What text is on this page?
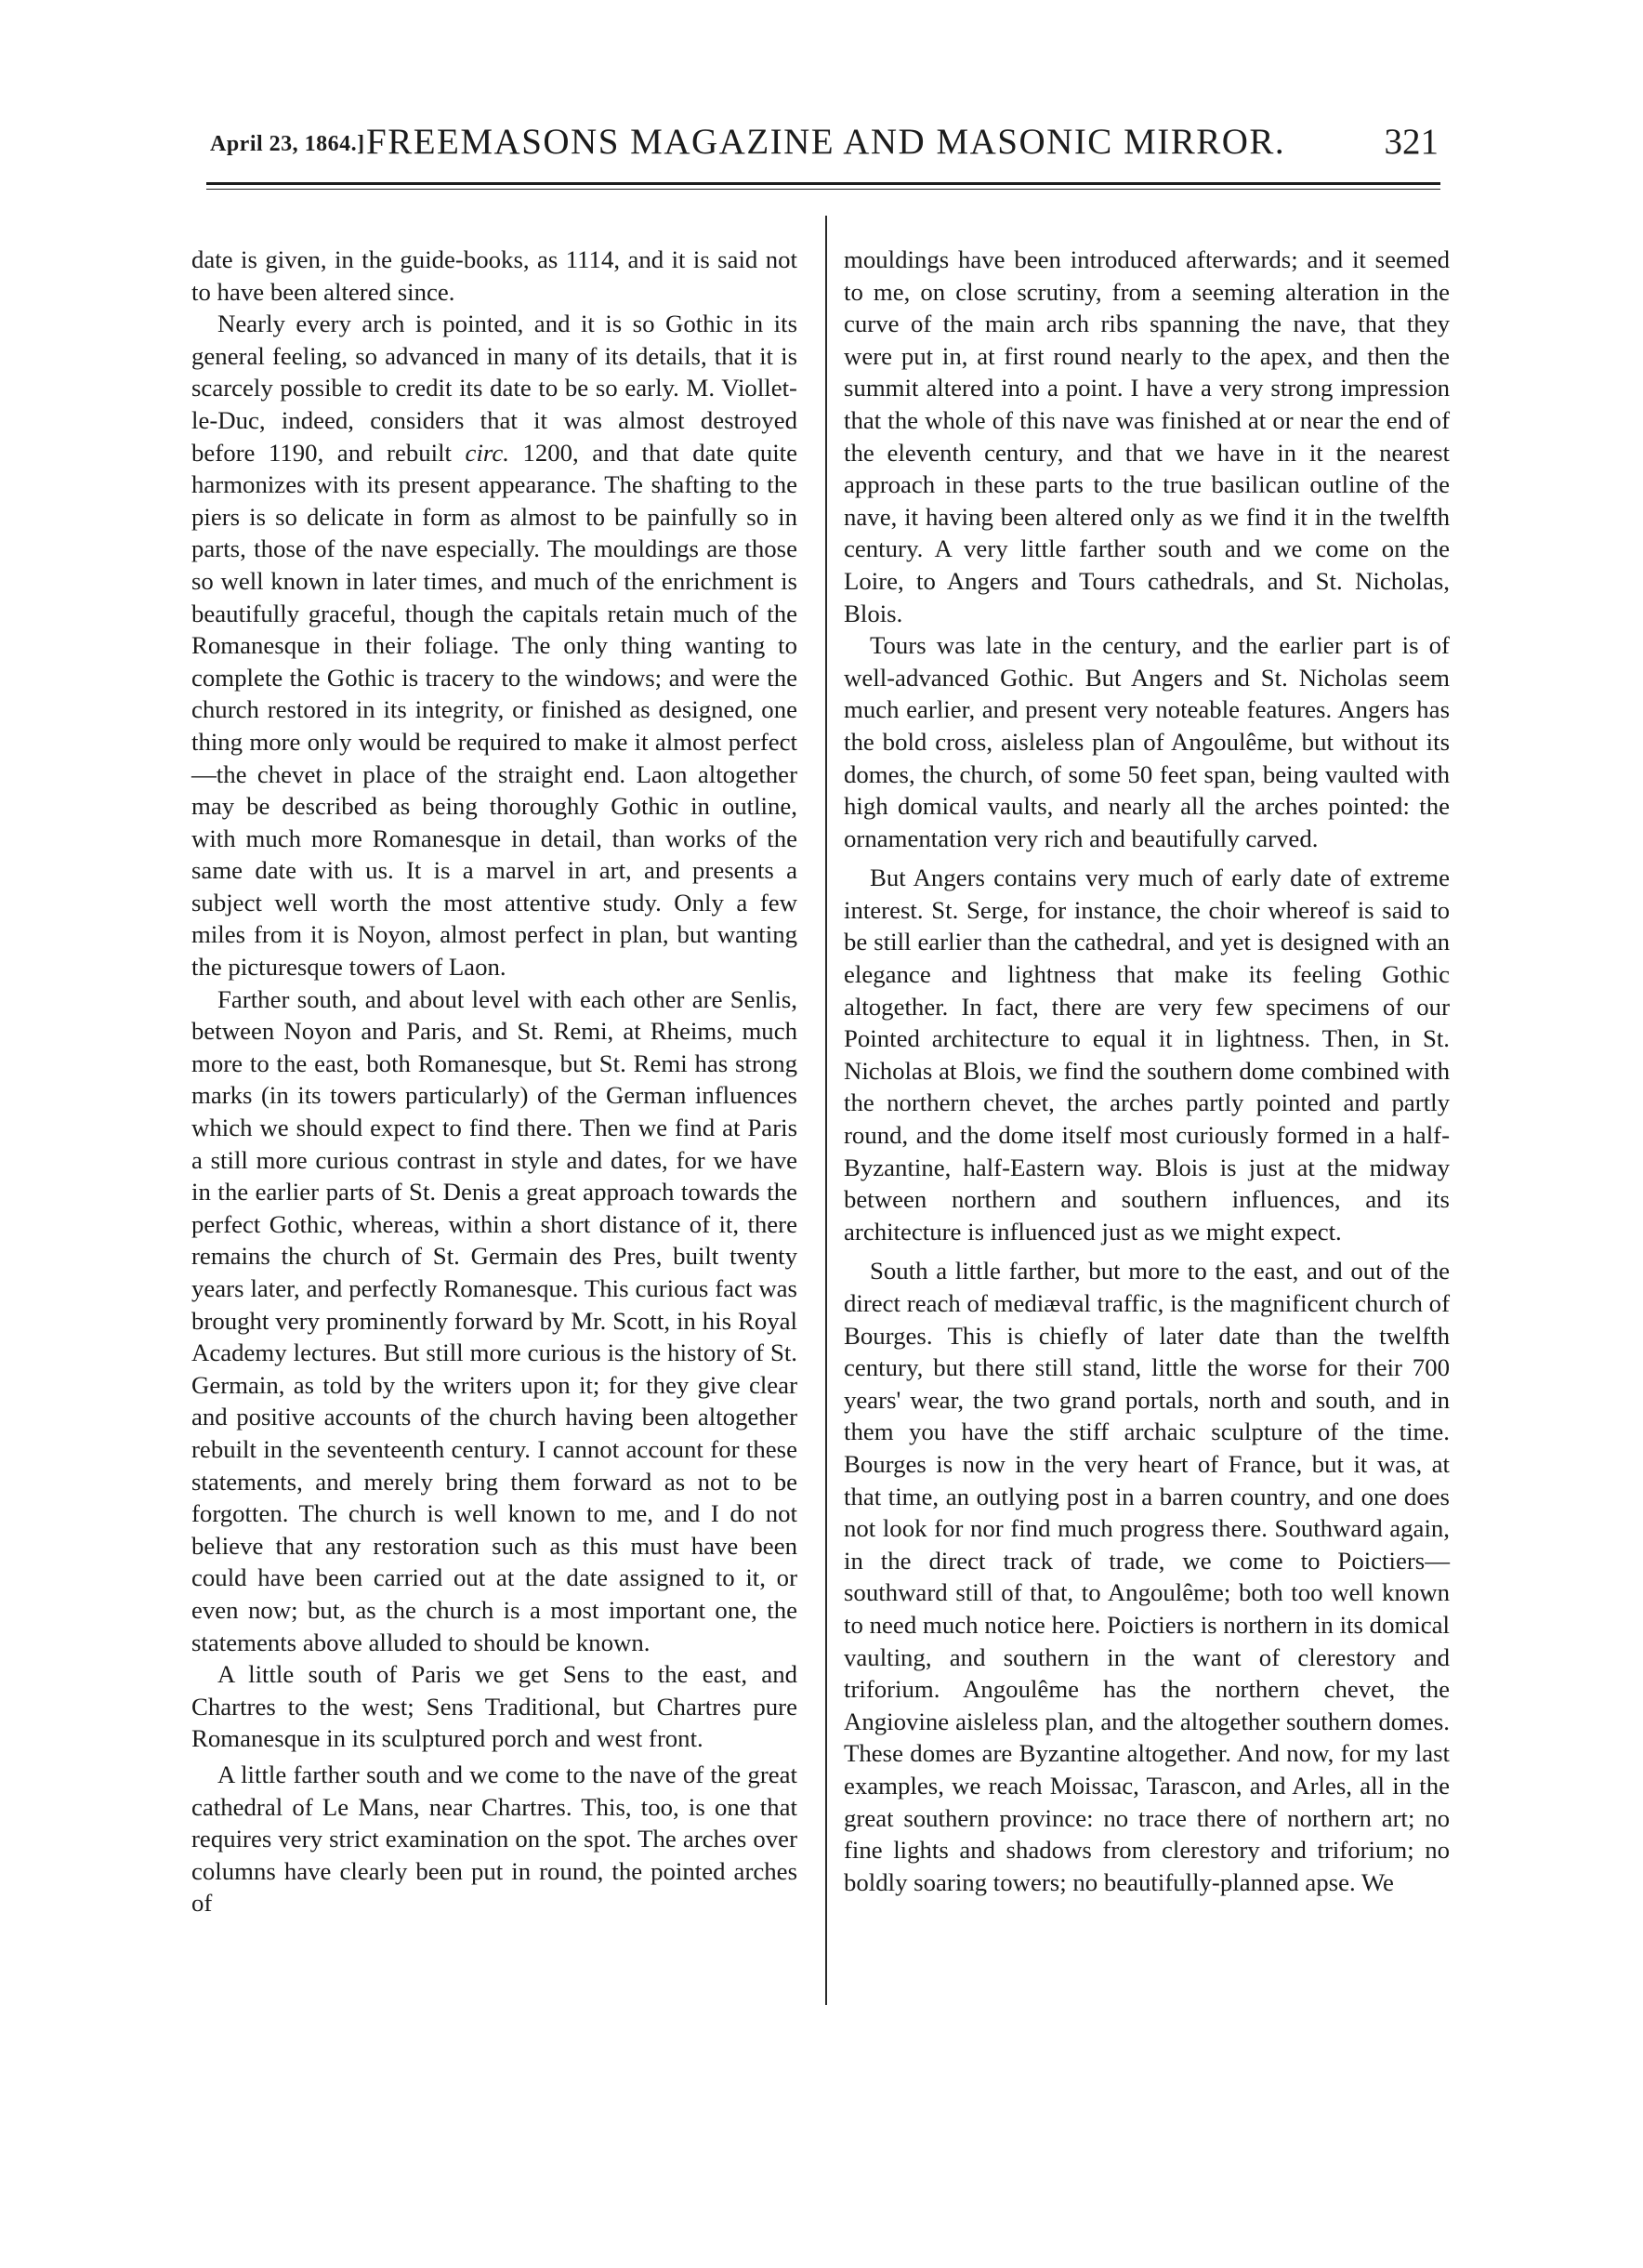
April 23, 1864.] FREEMASONS MAGAZINE AND MASONIC MIRROR.	321

date is given, in the guide-books, as 1114, and it is said not to have been altered since.

Nearly every arch is pointed, and it is so Gothic in its general feeling, so advanced in many of its details, that it is scarcely possible to credit its date to be so early. M. Viollet-le-Duc, indeed, considers that it was almost destroyed before 1190, and rebuilt circ. 1200, and that date quite harmonizes with its present appearance. The shafting to the piers is so delicate in form as almost to be painfully so in parts, those of the nave especially. The mouldings are those so well known in later times, and much of the enrichment is beautifully graceful, though the capitals retain much of the Romanesque in their foliage. The only thing wanting to complete the Gothic is tracery to the windows; and were the church restored in its integrity, or finished as designed, one thing more only would be required to make it almost perfect—the chevet in place of the straight end. Laon altogether may be described as being thoroughly Gothic in outline, with much more Romanesque in detail, than works of the same date with us. It is a marvel in art, and presents a subject well worth the most attentive study. Only a few miles from it is Noyon, almost perfect in plan, but wanting the picturesque towers of Laon.

Farther south, and about level with each other are Senlis, between Noyon and Paris, and St. Remi, at Rheims, much more to the east, both Romanesque, but St. Remi has strong marks (in its towers particularly) of the German influences which we should expect to find there. Then we find at Paris a still more curious contrast in style and dates, for we have in the earlier parts of St. Denis a great approach towards the perfect Gothic, whereas, within a short distance of it, there remains the church of St. Germain des Pres, built twenty years later, and perfectly Romanesque. This curious fact was brought very prominently forward by Mr. Scott, in his Royal Academy lectures. But still more curious is the history of St. Germain, as told by the writers upon it; for they give clear and positive accounts of the church having been altogether rebuilt in the seventeenth century. I cannot account for these statements, and merely bring them forward as not to be forgotten. The church is well known to me, and I do not believe that any restoration such as this must have been could have been carried out at the date assigned to it, or even now; but, as the church is a most important one, the statements above alluded to should be known.

A little south of Paris we get Sens to the east, and Chartres to the west; Sens Traditional, but Chartres pure Romanesque in its sculptured porch and west front.

A little farther south and we come to the nave of the great cathedral of Le Mans, near Chartres. This, too, is one that requires very strict examination on the spot. The arches over columns have clearly been put in round, the pointed arches of

mouldings have been introduced afterwards; and it seemed to me, on close scrutiny, from a seeming alteration in the curve of the main arch ribs spanning the nave, that they were put in, at first round nearly to the apex, and then the summit altered into a point. I have a very strong impression that the whole of this nave was finished at or near the end of the eleventh century, and that we have in it the nearest approach in these parts to the true basilican outline of the nave, it having been altered only as we find it in the twelfth century. A very little farther south and we come on the Loire, to Angers and Tours cathedrals, and St. Nicholas, Blois.

Tours was late in the century, and the earlier part is of well-advanced Gothic. But Angers and St. Nicholas seem much earlier, and present very noteable features. Angers has the bold cross, aisleless plan of Angoulême, but without its domes, the church, of some 50 feet span, being vaulted with high domical vaults, and nearly all the arches pointed: the ornamentation very rich and beautifully carved.

But Angers contains very much of early date of extreme interest. St. Serge, for instance, the choir whereof is said to be still earlier than the cathedral, and yet is designed with an elegance and lightness that make its feeling Gothic altogether. In fact, there are very few specimens of our Pointed architecture to equal it in lightness. Then, in St. Nicholas at Blois, we find the southern dome combined with the northern chevet, the arches partly pointed and partly round, and the dome itself most curiously formed in a half-Byzantine, half-Eastern way. Blois is just at the midway between northern and southern influences, and its architecture is influenced just as we might expect.

South a little farther, but more to the east, and out of the direct reach of mediæval traffic, is the magnificent church of Bourges. This is chiefly of later date than the twelfth century, but there still stand, little the worse for their 700 years' wear, the two grand portals, north and south, and in them you have the stiff archaic sculpture of the time. Bourges is now in the very heart of France, but it was, at that time, an outlying post in a barren country, and one does not look for nor find much progress there. Southward again, in the direct track of trade, we come to Poictiers—southward still of that, to Angoulême; both too well known to need much notice here. Poictiers is northern in its domical vaulting, and southern in the want of clerestory and triforium. Angoulême has the northern chevet, the Angiovine aisleless plan, and the altogether southern domes. These domes are Byzantine altogether. And now, for my last examples, we reach Moissac, Tarascon, and Arles, all in the great southern province: no trace there of northern art; no fine lights and shadows from clerestory and triforium; no boldly soaring towers; no beautifully-planned apse. We
